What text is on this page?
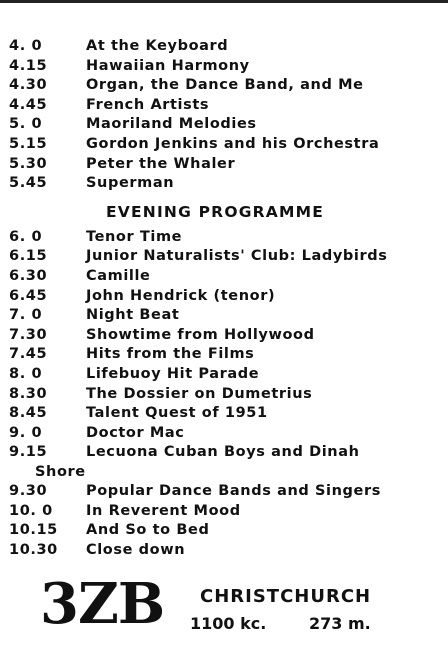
4. 0	At the Keyboard
4.15	Hawaiian Harmony
4.30	Organ, the Dance Band, and Me
4.45	French Artists
5. 0	Maoriland Melodies
5.15	Gordon Jenkins and his Orchestra
5.30	Peter the Whaler
5.45	Superman
EVENING PROGRAMME
6. 0	Tenor Time
6.15	Junior Naturalists' Club: Ladybirds
6.30	Camille
6.45	John Hendrick (tenor)
7. 0	Night Beat
7.30	Showtime from Hollywood
7.45	Hits from the Films
8. 0	Lifebuoy Hit Parade
8.30	The Dossier on Dumetrius
8.45	Talent Quest of 1951
9. 0	Doctor Mac
9.15	Lecuona Cuban Boys and Dinah
Shore
9.30	Popular Dance Bands and Singers
10. 0	In Reverent Mood
10.15	And So to Bed
10.30	Close down
3ZB CHRISTCHURCH
1100 kc.	273 m.
